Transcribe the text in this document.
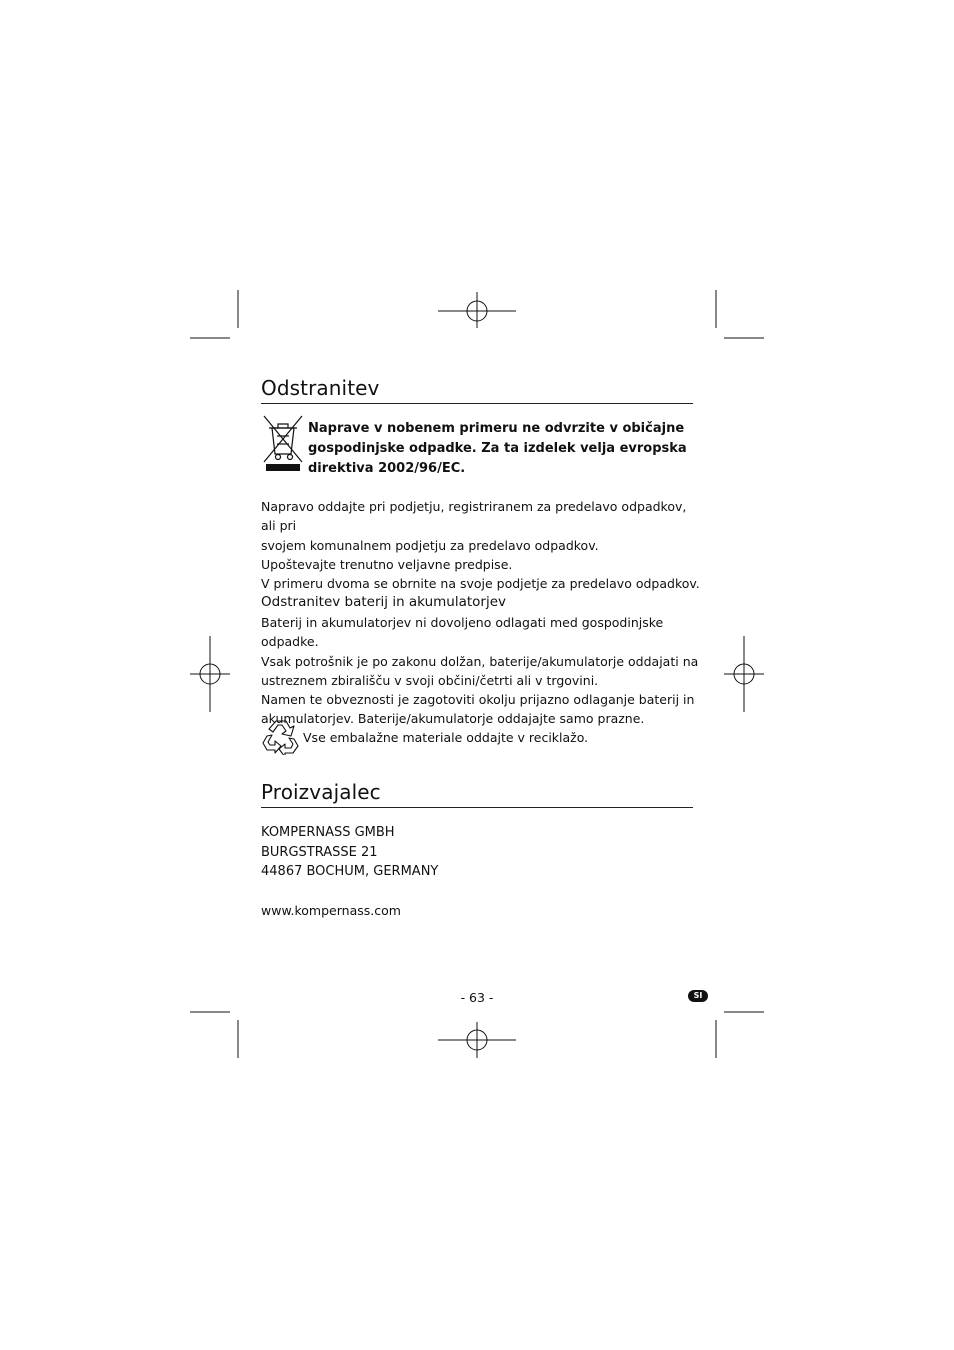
Odstranitev
Naprave v nobenem primeru ne odvrzite v običajne gospodinjske odpadke. Za ta izdelek velja evropska direktiva 2002/96/EC.
Napravo oddajte pri podjetju, registriranem za predelavo odpadkov, ali pri
svojem komunalnem podjetju za predelavo odpadkov.
Upoštevajte trenutno veljavne predpise.
V primeru dvoma se obrnite na svoje podjetje za predelavo odpadkov.
Odstranitev baterij in akumulatorjev
Baterij in akumulatorjev ni dovoljeno odlagati med gospodinjske odpadke.
Vsak potrošnik je po zakonu dolžan, baterije/akumulatorje oddajati na
ustreznem zbirališču v svoji občini/četrti ali v trgovini.
Namen te obveznosti je zagotoviti okolju prijazno odlaganje baterij in
akumulatorjev. Baterije/akumulatorje oddajajte samo prazne.
Vse embalažne materiale oddajte v reciklažo.
Proizvajalec
KOMPERNASS GMBH
BURGSTRASSE 21
44867 BOCHUM, GERMANY
www.kompernass.com
- 63 -	SI
